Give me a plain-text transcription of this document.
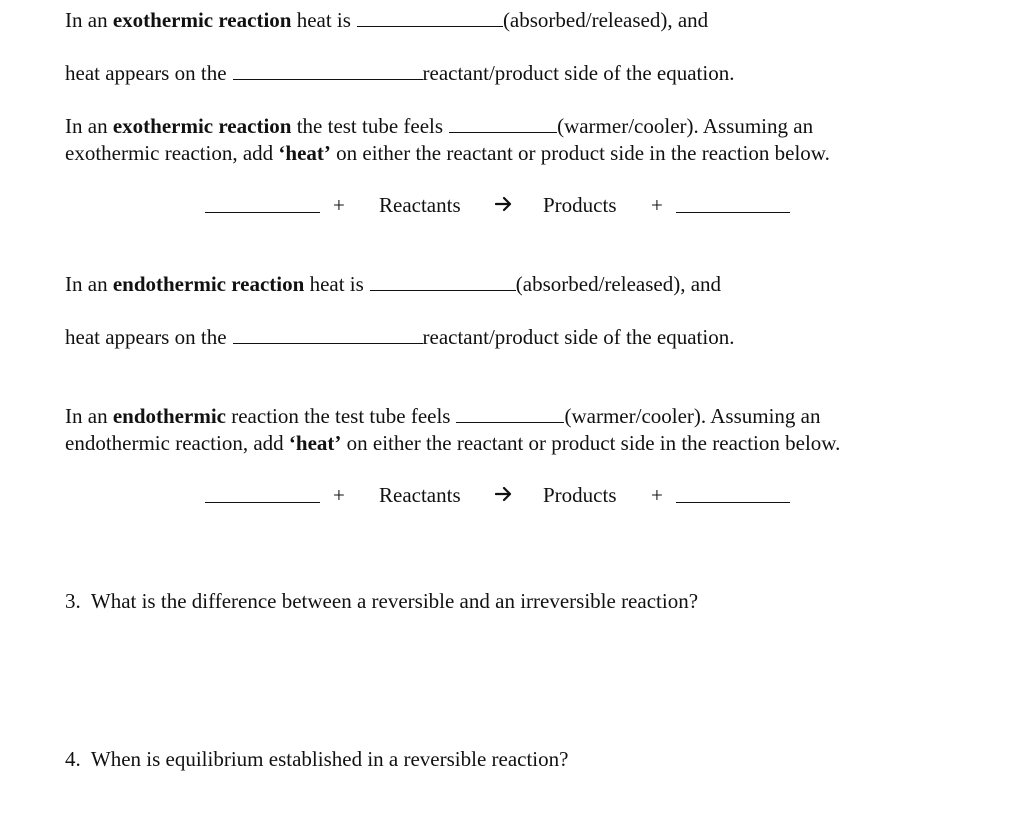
In an exothermic reaction heat is	(absorbed/released), and
heat appears on the	reactant/product side of the equation.
In an exothermic reaction the test tube feels	(warmer/cooler). Assuming an
exothermic reaction, add ‘heat’ on either the reactant or product side in the reaction below.
+ Reactants	Products +
In an endothermic reaction heat is	(absorbed/released), and
heat appears on the	reactant/product side of the equation.
In an endothermic reaction the test tube feels	(warmer/cooler). Assuming an
endothermic reaction, add ‘heat’ on either the reactant or product side in the reaction below.
+ Reactants	Products +
3. What is the difference between a reversible and an irreversible reaction?
4. When is equilibrium established in a reversible reaction?
